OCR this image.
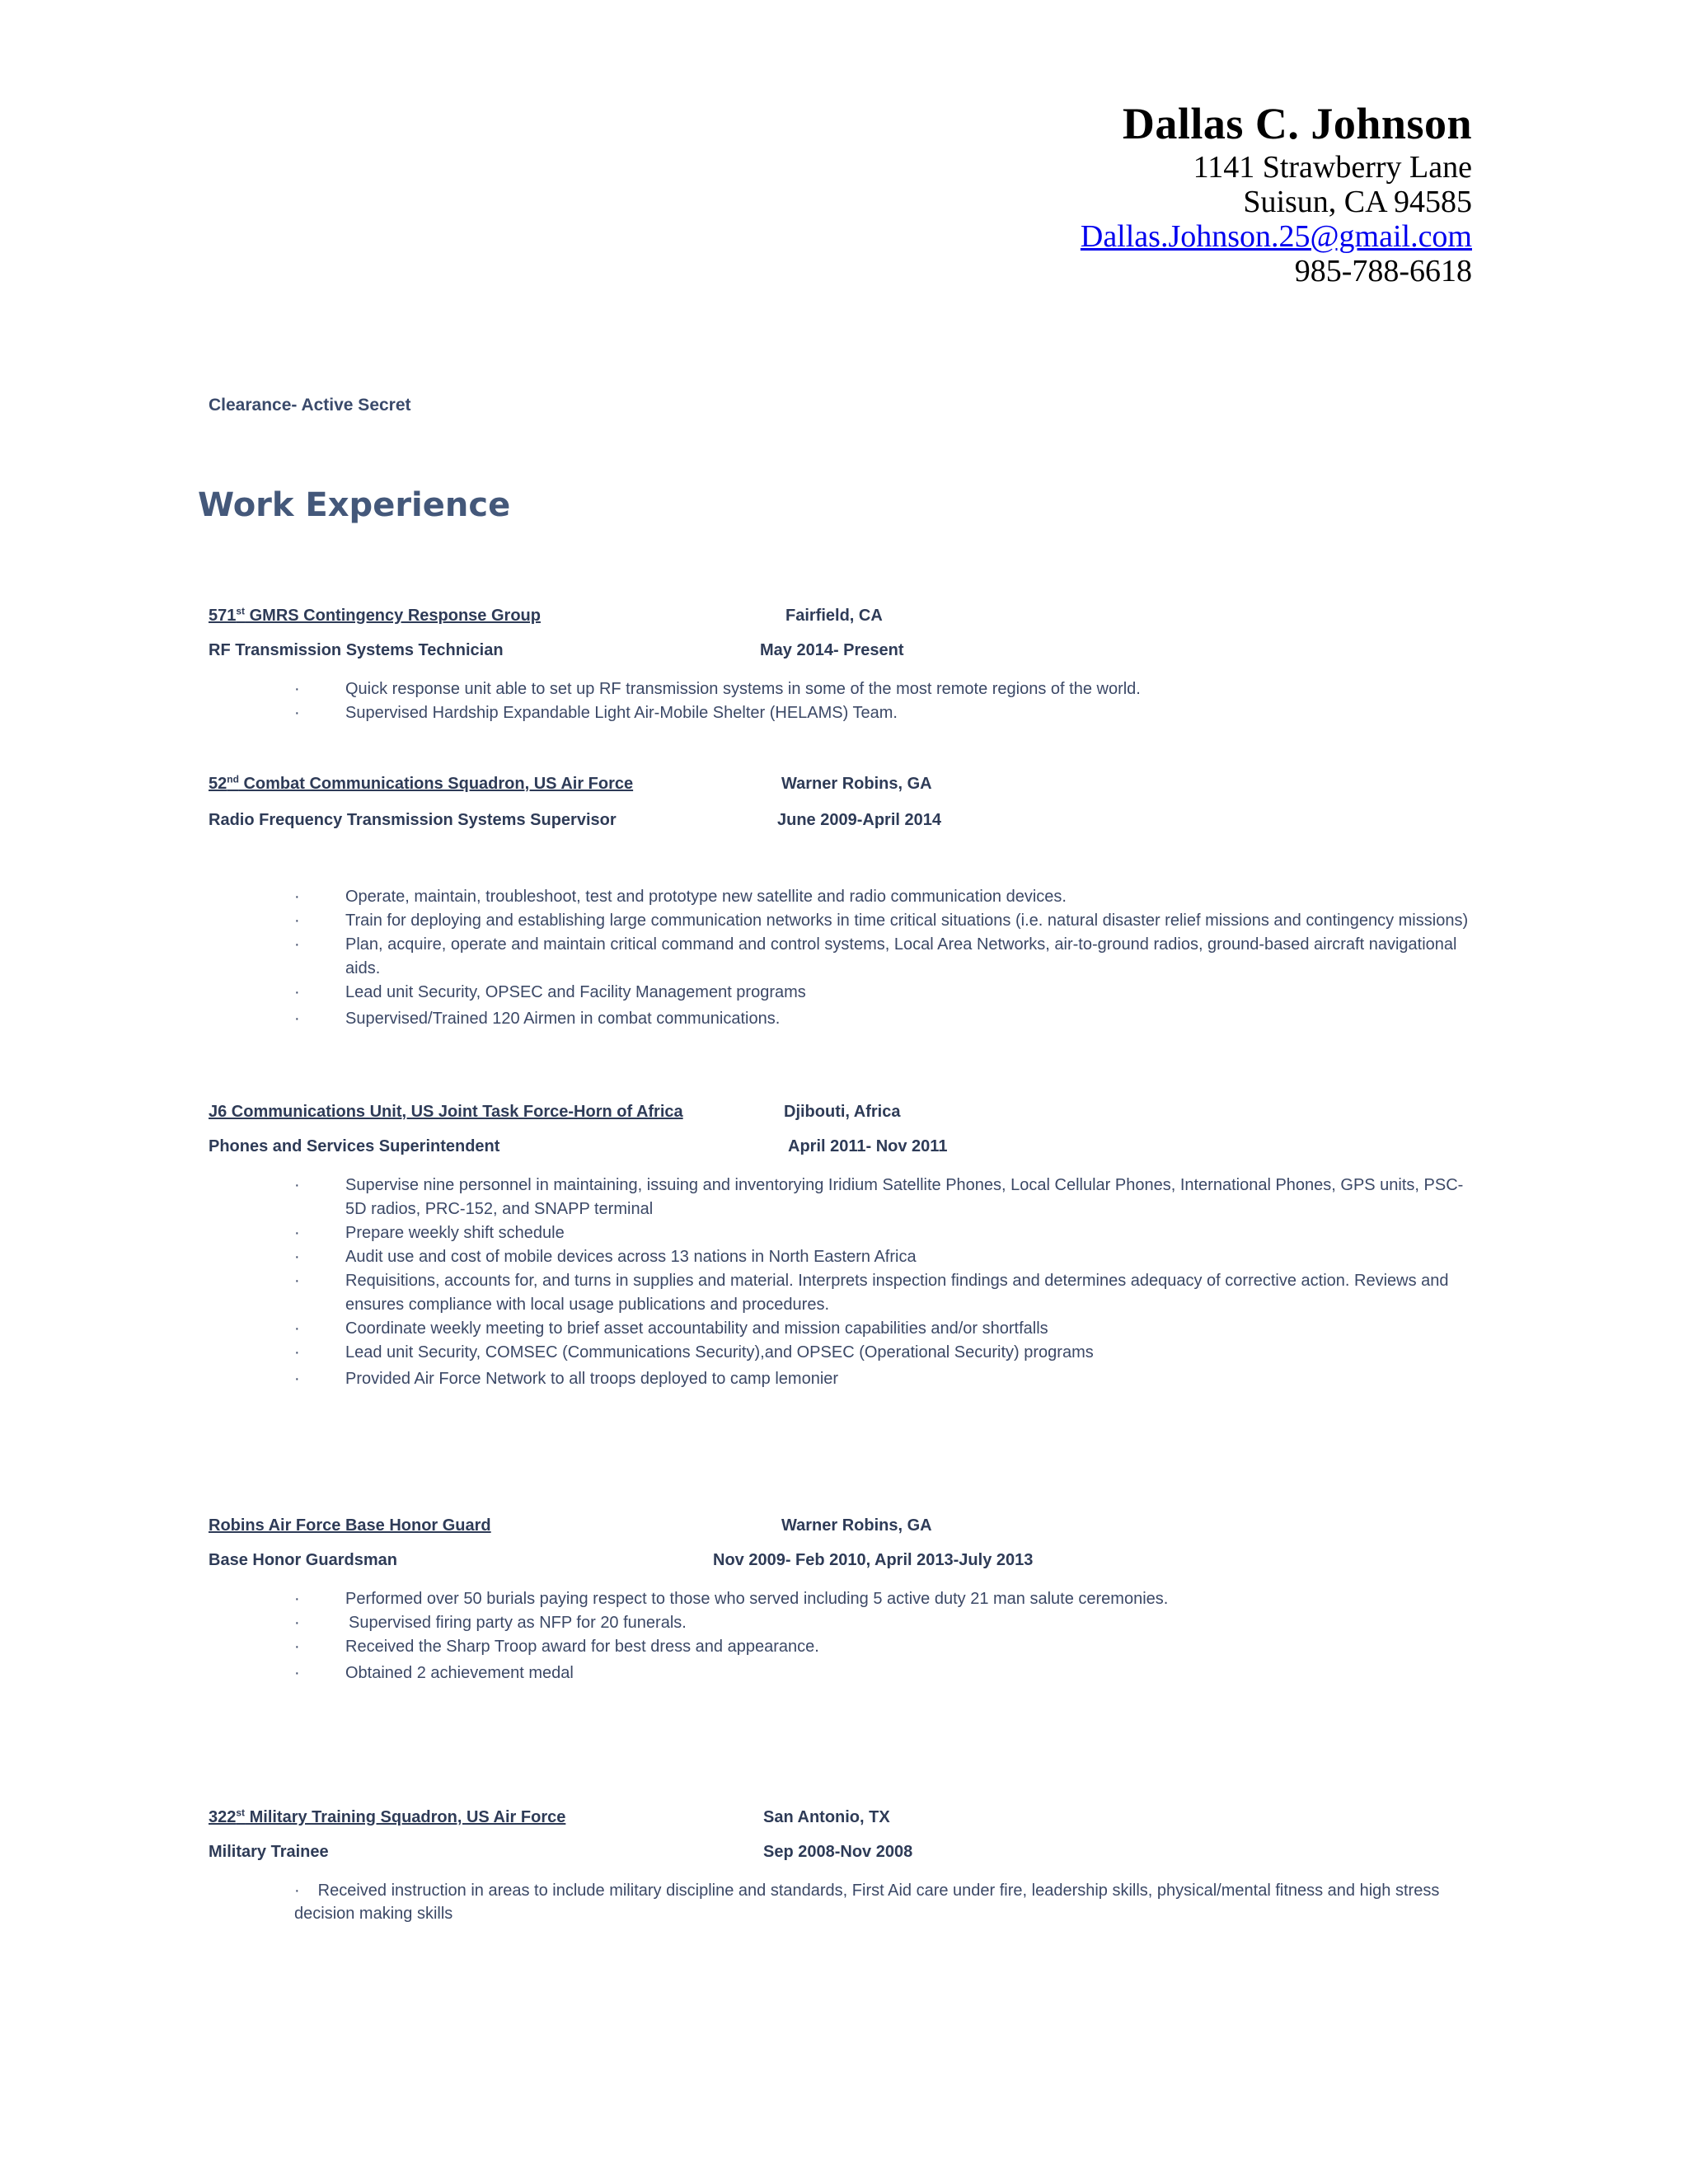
Dallas C. Johnson
1141 Strawberry Lane
Suisun, CA 94585
Dallas.Johnson.25@gmail.com
985-788-6618
Clearance- Active Secret
Work Experience
571st GMRS Contingency Response Group	Fairfield, CA
RF Transmission Systems Technician	May 2014- Present
·	Quick response unit able to set up RF transmission systems in some of the most remote regions of the world.
·	Supervised Hardship Expandable Light Air-Mobile Shelter (HELAMS) Team.
52nd Combat Communications Squadron, US Air Force	Warner Robins, GA
Radio Frequency Transmission Systems Supervisor	June 2009-April 2014
·	Operate, maintain, troubleshoot, test and prototype new satellite and radio communication devices.
·	Train for deploying and establishing large communication networks in time critical situations (i.e. natural disaster relief missions and contingency missions)
·	Plan, acquire, operate and maintain critical command and control systems, Local Area Networks, air-to-ground radios, ground-based aircraft navigational aids.
·	Lead unit Security, OPSEC and Facility Management programs
·	Supervised/Trained 120 Airmen in combat communications.
J6 Communications Unit, US Joint Task Force-Horn of Africa	Djibouti, Africa
Phones and Services Superintendent	April 2011- Nov 2011
·	Supervise nine personnel in maintaining, issuing and inventorying Iridium Satellite Phones, Local Cellular Phones, International Phones, GPS units, PSC-5D radios, PRC-152, and SNAPP terminal
·	Prepare weekly shift schedule
·	Audit use and cost of mobile devices across 13 nations in North Eastern Africa
·	Requisitions, accounts for, and turns in supplies and material. Interprets inspection findings and determines adequacy of corrective action. Reviews and ensures compliance with local usage publications and procedures.
·	Coordinate weekly meeting to brief asset accountability and mission capabilities and/or shortfalls
·	Lead unit Security, COMSEC (Communications Security),and OPSEC (Operational Security) programs
·	Provided Air Force Network to all troops deployed to camp lemonier
Robins Air Force Base Honor Guard	Warner Robins, GA
Base Honor Guardsman	Nov 2009- Feb 2010, April 2013-July 2013
·	Performed over 50 burials paying respect to those who served including 5 active duty 21 man salute ceremonies.
·	Supervised firing party as NFP for 20 funerals.
·	Received the Sharp Troop award for best dress and appearance.
·	Obtained 2 achievement medal
322st Military Training Squadron, US Air Force	San Antonio, TX
Military Trainee	Sep 2008-Nov 2008
· Received instruction in areas to include military discipline and standards, First Aid care under fire, leadership skills, physical/mental fitness and high stress decision making skills
